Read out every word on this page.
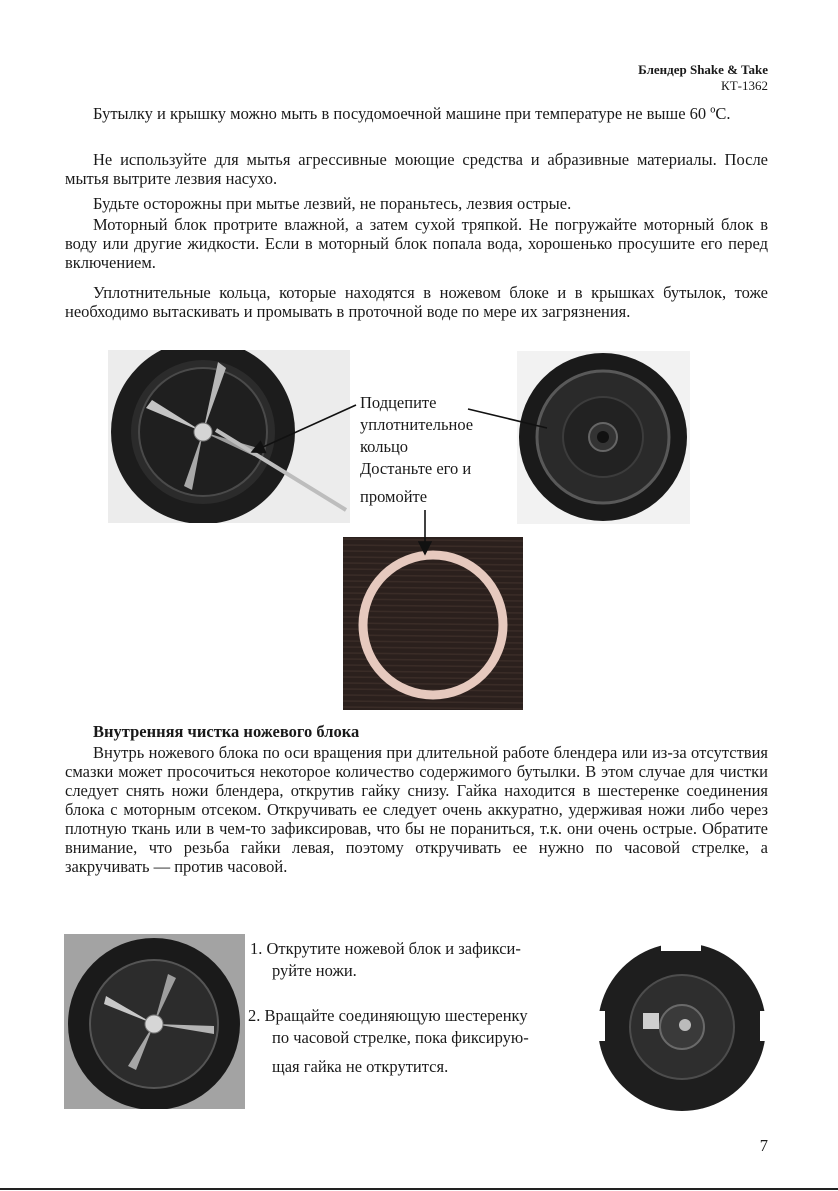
Блендер Shake & Take
КТ-1362

Бутылку и крышку можно мыть в посудомоечной машине при температуре не выше 60 ºС.

Не используйте для мытья агрессивные моющие средства и абразивные материалы. После мытья вытрите лезвия насухо.

Будьте осторожны при мытье лезвий, не пораньтесь, лезвия острые.

Моторный блок протрите влажной, а затем сухой тряпкой. Не погружайте моторный блок в воду или другие жидкости. Если в моторный блок попала вода, хорошенько просушите его перед включением.

Уплотнительные кольца, которые находятся в ножевом блоке и в крышках бутылок, тоже необходимо вытаскивать и промывать в проточной воде по мере их загрязнения.

Подцепите

уплотнительное

кольцо

Достаньте его и

промойте

Внутренняя чистка ножевого блока

Внутрь ножевого блока по оси вращения при длительной работе блендера или из-за отсутствия смазки может просочиться некоторое количество содержимого бутылки. В этом случае для чистки следует снять ножи блендера, открутив гайку снизу. Гайка находится в шестеренке соединения блока с моторным отсеком. Откручивать ее следует очень аккуратно, удерживая ножи либо через плотную ткань или в чем-то зафиксировав, что бы не пораниться, т.к. они очень острые. Обратите внимание, что резьба гайки левая, поэтому откручивать ее нужно по часовой стрелке, а закручивать — против часовой.

1. Открутите ножевой блок и зафикси-

руйте ножи.

2. Вращайте соединяющую шестеренку

по часовой стрелке, пока фиксирую-

щая гайка не открутится.

7
